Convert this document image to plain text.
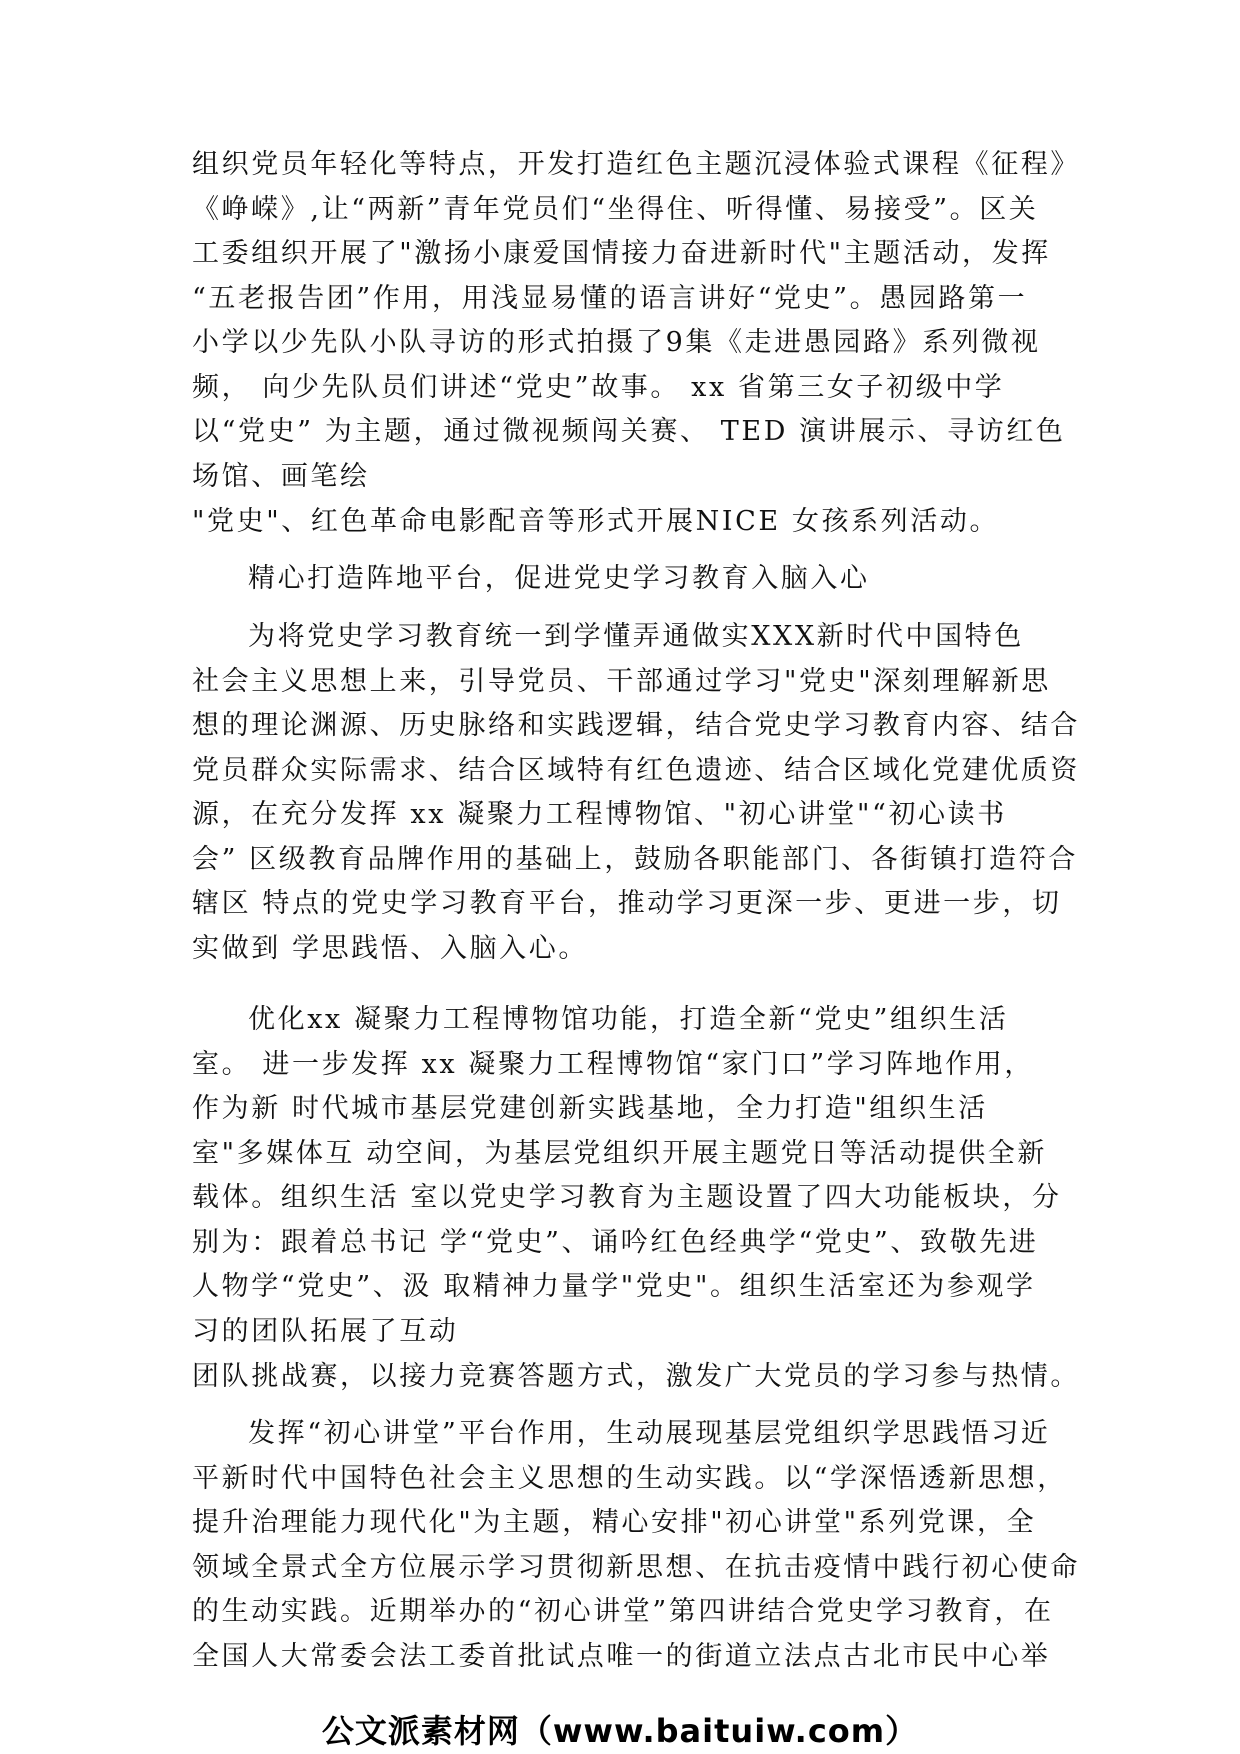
组织党员年轻化等特点，开发打造红色主题沉浸体验式课程《征程》
《峥嵘》,让“两新”青年党员们“坐得住、听得懂、易接受”。区关
工委组织开展了"激扬小康爱国情接力奋进新时代"主题活动，发挥
“五老报告团”作用，用浅显易懂的语言讲好“党史”。愚园路第一
小学以少先队小队寻访的形式拍摄了9集《走进愚园路》系列微视
频， 向少先队员们讲述“党史”故事。 xx 省第三女子初级中学
以“党史” 为主题，通过微视频闯关赛、 TED 演讲展示、寻访红色
场馆、画笔绘
"党史"、红色革命电影配音等形式开展NICE 女孩系列活动。
精心打造阵地平台，促进党史学习教育入脑入心
为将党史学习教育统一到学懂弄通做实XXX新时代中国特色
社会主义思想上来，引导党员、干部通过学习"党史"深刻理解新思
想的理论渊源、历史脉络和实践逻辑，结合党史学习教育内容、结合
党员群众实际需求、结合区域特有红色遗迹、结合区域化党建优质资
源，在充分发挥 xx 凝聚力工程博物馆、"初心讲堂"“初心读书
会” 区级教育品牌作用的基础上，鼓励各职能部门、各街镇打造符合
辖区 特点的党史学习教育平台，推动学习更深一步、更进一步，切
实做到 学思践悟、入脑入心。
优化xx 凝聚力工程博物馆功能，打造全新“党史”组织生活
室。 进一步发挥 xx 凝聚力工程博物馆“家门口”学习阵地作用，
作为新 时代城市基层党建创新实践基地，全力打造"组织生活
室"多媒体互 动空间，为基层党组织开展主题党日等活动提供全新
载体。组织生活 室以党史学习教育为主题设置了四大功能板块，分
别为：跟着总书记 学“党史”、诵吟红色经典学“党史”、致敬先进
人物学“党史”、汲 取精神力量学"党史"。组织生活室还为参观学
习的团队拓展了互动
团队挑战赛，以接力竞赛答题方式，激发广大党员的学习参与热情。
发挥“初心讲堂”平台作用，生动展现基层党组织学思践悟习近
平新时代中国特色社会主义思想的生动实践。以“学深悟透新思想，
提升治理能力现代化"为主题，精心安排"初心讲堂"系列党课，全
领域全景式全方位展示学习贯彻新思想、在抗击疫情中践行初心使命
的生动实践。近期举办的“初心讲堂”第四讲结合党史学习教育，在
全国人大常委会法工委首批试点唯一的街道立法点古北市民中心举
公文派素材网（www.baituiw.com）
